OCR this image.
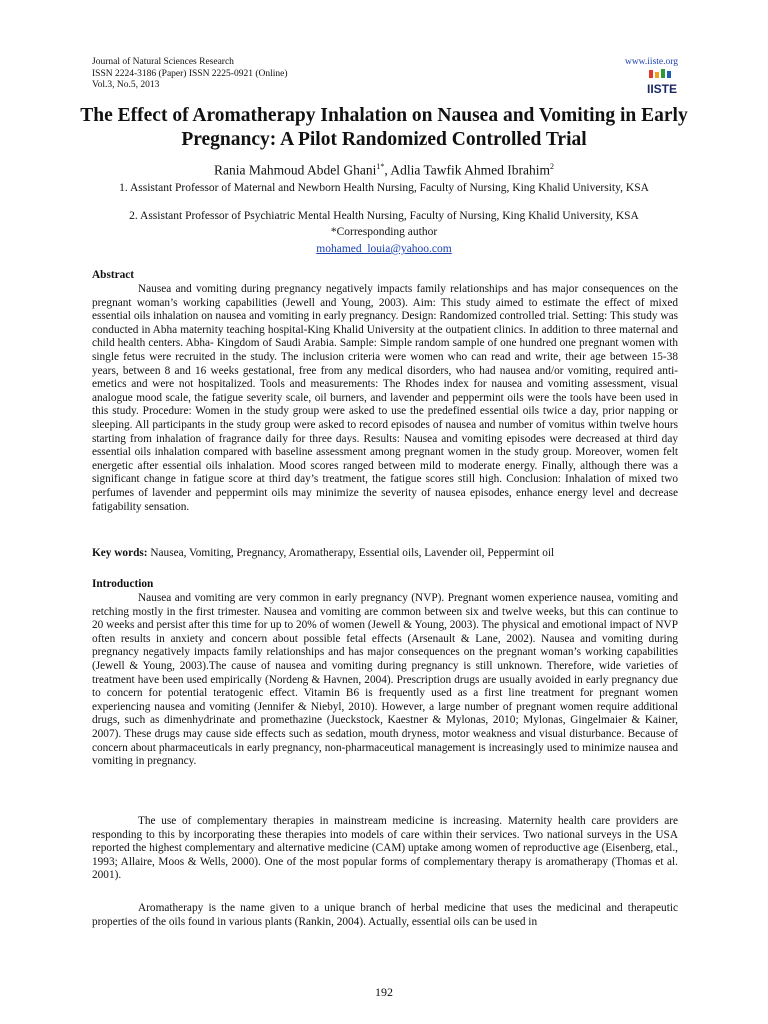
Journal of Natural Sciences Research
ISSN 2224-3186 (Paper) ISSN 2225-0921 (Online)
Vol.3, No.5, 2013
www.iiste.org
IISTE
The Effect of Aromatherapy Inhalation on Nausea and Vomiting in Early Pregnancy: A Pilot Randomized Controlled Trial
Rania Mahmoud Abdel Ghani$^{1*}$, Adlia Tawfik Ahmed Ibrahim$^2$
1. Assistant Professor of Maternal and Newborn Health Nursing, Faculty of Nursing, King Khalid University, KSA
2. Assistant Professor of Psychiatric Mental Health Nursing, Faculty of Nursing, King Khalid University, KSA
*Corresponding author
mohamed_louia@yahoo.com
Abstract
Nausea and vomiting during pregnancy negatively impacts family relationships and has major consequences on the pregnant woman’s working capabilities (Jewell and Young, 2003). Aim: This study aimed to estimate the effect of mixed essential oils inhalation on nausea and vomiting in early pregnancy. Design: Randomized controlled trial. Setting: This study was conducted in Abha maternity teaching hospital-King Khalid University at the outpatient clinics. In addition to three maternal and child health centers. Abha- Kingdom of Saudi Arabia. Sample: Simple random sample of one hundred one pregnant women with single fetus were recruited in the study. The inclusion criteria were women who can read and write, their age between 15-38 years, between 8 and 16 weeks gestational, free from any medical disorders, who had nausea and/or vomiting, required anti-emetics and were not hospitalized. Tools and measurements: The Rhodes index for nausea and vomiting assessment, visual analogue mood scale, the fatigue severity scale, oil burners, and lavender and peppermint oils were the tools have been used in this study. Procedure: Women in the study group were asked to use the predefined essential oils twice a day, prior napping or sleeping. All participants in the study group were asked to record episodes of nausea and number of vomitus within twelve hours starting from inhalation of fragrance daily for three days. Results: Nausea and vomiting episodes were decreased at third day essential oils inhalation compared with baseline assessment among pregnant women in the study group. Moreover, women felt energetic after essential oils inhalation. Mood scores ranged between mild to moderate energy. Finally, although there was a significant change in fatigue score at third day’s treatment, the fatigue scores still high. Conclusion: Inhalation of mixed two perfumes of lavender and peppermint oils may minimize the severity of nausea episodes, enhance energy level and decrease fatigability sensation.
Key words: Nausea, Vomiting, Pregnancy, Aromatherapy, Essential oils, Lavender oil, Peppermint oil
Introduction
Nausea and vomiting are very common in early pregnancy (NVP). Pregnant women experience nausea, vomiting and retching mostly in the first trimester. Nausea and vomiting are common between six and twelve weeks, but this can continue to 20 weeks and persist after this time for up to 20% of women (Jewell & Young, 2003). The physical and emotional impact of NVP often results in anxiety and concern about possible fetal effects (Arsenault & Lane, 2002). Nausea and vomiting during pregnancy negatively impacts family relationships and has major consequences on the pregnant woman’s working capabilities (Jewell & Young, 2003).The cause of nausea and vomiting during pregnancy is still unknown. Therefore, wide varieties of treatment have been used empirically (Nordeng & Havnen, 2004). Prescription drugs are usually avoided in early pregnancy due to concern for potential teratogenic effect. Vitamin B6 is frequently used as a first line treatment for pregnant women experiencing nausea and vomiting (Jennifer & Niebyl, 2010). However, a large number of pregnant women require additional drugs, such as dimenhydrinate and promethazine (Jueckstock, Kaestner & Mylonas, 2010; Mylonas, Gingelmaier & Kainer, 2007). These drugs may cause side effects such as sedation, mouth dryness, motor weakness and visual disturbance. Because of concern about pharmaceuticals in early pregnancy, non-pharmaceutical management is increasingly used to minimize nausea and vomiting in pregnancy.
The use of complementary therapies in mainstream medicine is increasing. Maternity health care providers are responding to this by incorporating these therapies into models of care within their services. Two national surveys in the USA reported the highest complementary and alternative medicine (CAM) uptake among women of reproductive age (Eisenberg, etal., 1993; Allaire, Moos & Wells, 2000). One of the most popular forms of complementary therapy is aromatherapy (Thomas et al. 2001).
Aromatherapy is the name given to a unique branch of herbal medicine that uses the medicinal and therapeutic properties of the oils found in various plants (Rankin, 2004). Actually, essential oils can be used in
192
